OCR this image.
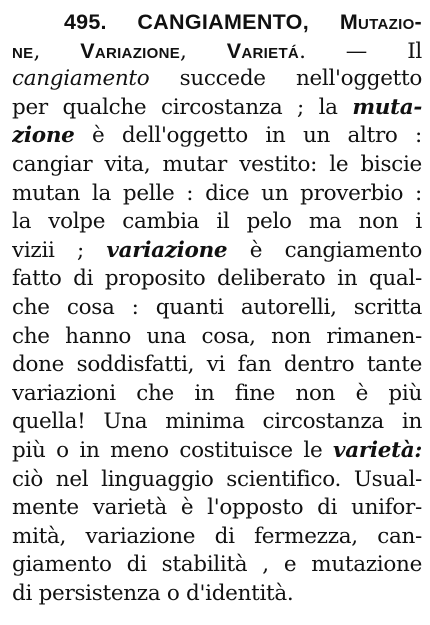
495. CANGIAMENTO, Mutazio-
ne, Variazione, Varietá. — Il
cangiamento succede nell'oggetto
per qualche circostanza ; la muta-
zione è dell'oggetto in un altro :
cangiar vita, mutar vestito: le biscie
mutan la pelle : dice un proverbio :
la volpe cambia il pelo ma non i
vizii ; variazione è cangiamento
fatto di proposito deliberato in qual-
che cosa : quanti autorelli, scritta
che hanno una cosa, non rimanen-
done soddisfatti, vi fan dentro tante
variazioni che in fine non è più
quella! Una minima circostanza in
più o in meno costituisce le varietà:
ciò nel linguaggio scientifico. Usual-
mente varietà è l'opposto di unifor-
mità, variazione di fermezza, can-
giamento di stabilità , e mutazione
di persistenza o d'identità.
